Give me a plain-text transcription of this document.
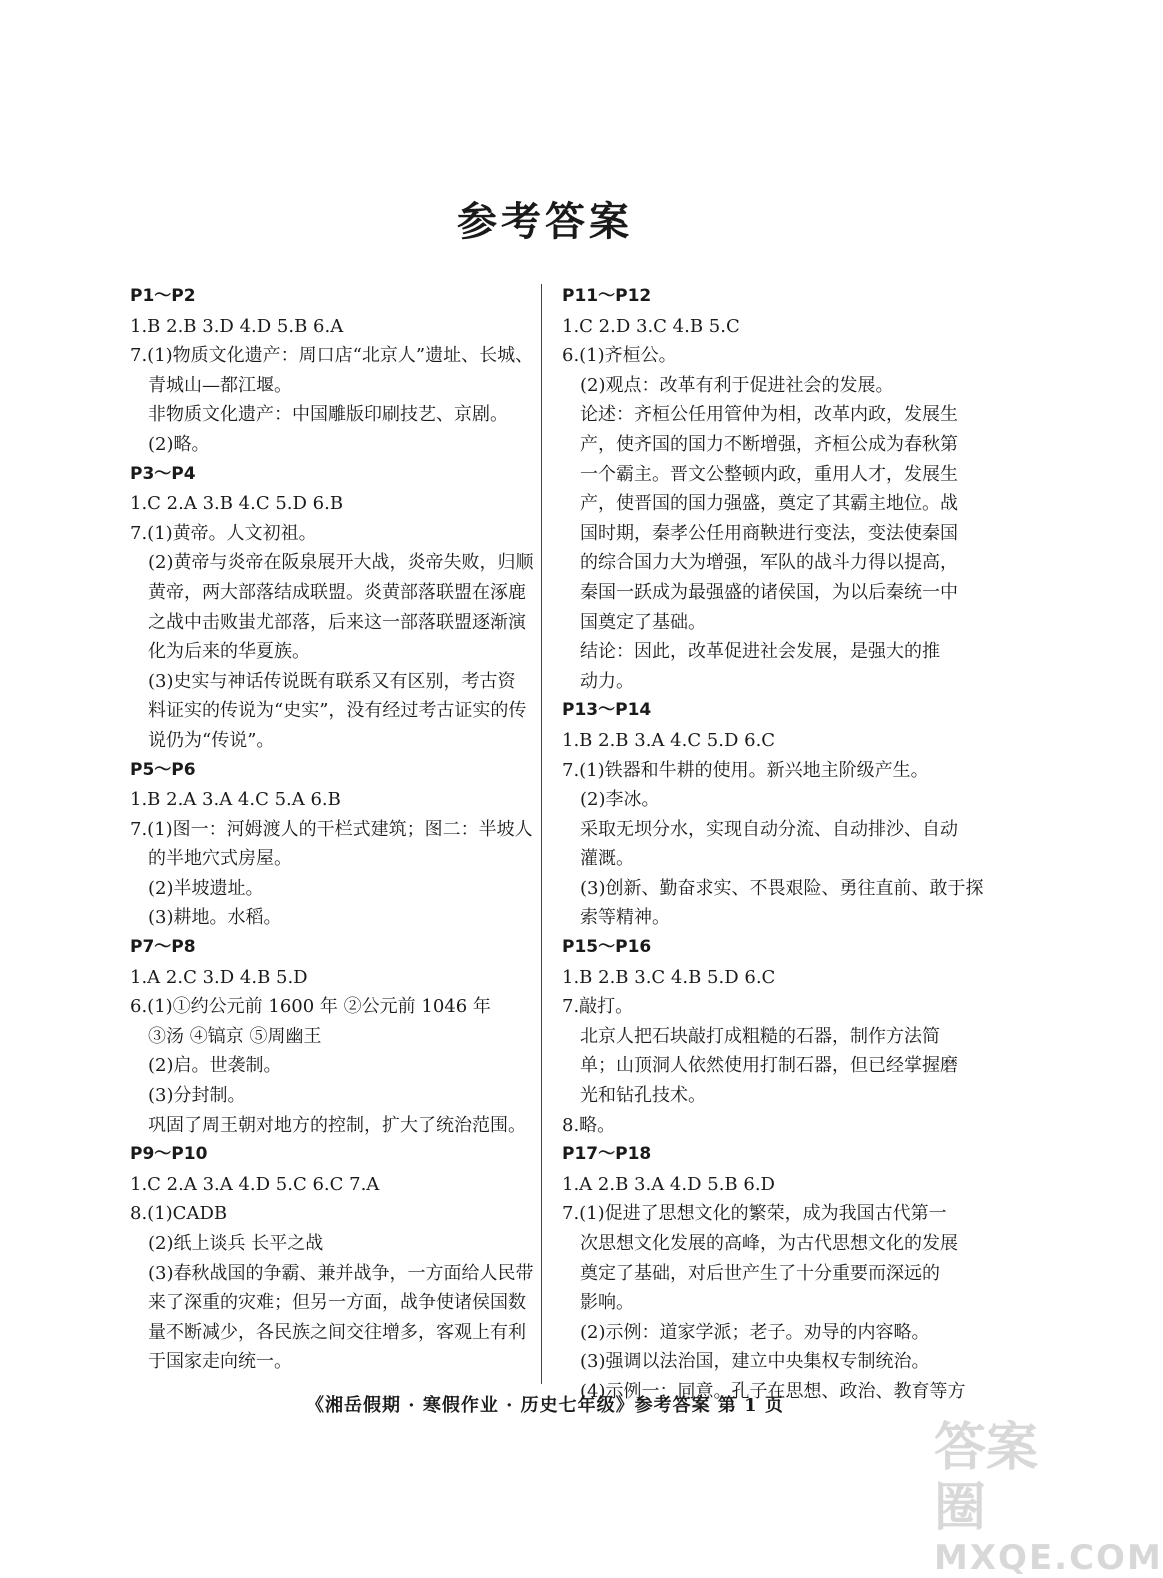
参考答案
P1～P2
1.B 2.B 3.D 4.D 5.B 6.A
7.(1)物质文化遗产：周口店“北京人”遗址、长城、
青城山—都江堰。
非物质文化遗产：中国雕版印刷技艺、京剧。
(2)略。
P3～P4
1.C 2.A 3.B 4.C 5.D 6.B
7.(1)黄帝。人文初祖。
(2)黄帝与炎帝在阪泉展开大战，炎帝失败，归顺
黄帝，两大部落结成联盟。炎黄部落联盟在涿鹿
之战中击败蚩尤部落，后来这一部落联盟逐渐演
化为后来的华夏族。
(3)史实与神话传说既有联系又有区别，考古资
料证实的传说为“史实”，没有经过考古证实的传
说仍为“传说”。
P5～P6
1.B 2.A 3.A 4.C 5.A 6.B
7.(1)图一：河姆渡人的干栏式建筑；图二：半坡人
的半地穴式房屋。
(2)半坡遗址。
(3)耕地。水稻。
P7～P8
1.A 2.C 3.D 4.B 5.D
6.(1)①约公元前 1600 年 ②公元前 1046 年
③汤 ④镐京 ⑤周幽王
(2)启。世袭制。
(3)分封制。
巩固了周王朝对地方的控制，扩大了统治范围。
P9～P10
1.C 2.A 3.A 4.D 5.C 6.C 7.A
8.(1)CADB
(2)纸上谈兵 长平之战
(3)春秋战国的争霸、兼并战争，一方面给人民带
来了深重的灾难；但另一方面，战争使诸侯国数
量不断减少，各民族之间交往增多，客观上有利
于国家走向统一。
P11～P12
1.C 2.D 3.C 4.B 5.C
6.(1)齐桓公。
(2)观点：改革有利于促进社会的发展。
论述：齐桓公任用管仲为相，改革内政，发展生
产，使齐国的国力不断增强，齐桓公成为春秋第
一个霸主。晋文公整顿内政，重用人才，发展生
产，使晋国的国力强盛，奠定了其霸主地位。战
国时期，秦孝公任用商鞅进行变法，变法使秦国
的综合国力大为增强，军队的战斗力得以提高，
秦国一跃成为最强盛的诸侯国，为以后秦统一中
国奠定了基础。
结论：因此，改革促进社会发展，是强大的推
动力。
P13～P14
1.B 2.B 3.A 4.C 5.D 6.C
7.(1)铁器和牛耕的使用。新兴地主阶级产生。
(2)李冰。
采取无坝分水，实现自动分流、自动排沙、自动
灌溉。
(3)创新、勤奋求实、不畏艰险、勇往直前、敢于探
索等精神。
P15～P16
1.B 2.B 3.C 4.B 5.D 6.C
7.敲打。
北京人把石块敲打成粗糙的石器，制作方法简
单；山顶洞人依然使用打制石器，但已经掌握磨
光和钻孔技术。
8.略。
P17～P18
1.A 2.B 3.A 4.D 5.B 6.D
7.(1)促进了思想文化的繁荣，成为我国古代第一
次思想文化发展的高峰，为古代思想文化的发展
奠定了基础，对后世产生了十分重要而深远的
影响。
(2)示例：道家学派；老子。劝导的内容略。
(3)强调以法治国，建立中央集权专制统治。
(4)示例一：同意。孔子在思想、政治、教育等方
《湘岳假期 · 寒假作业 · 历史七年级》参考答案 第 1 页
答案圈
MXQE.COM
